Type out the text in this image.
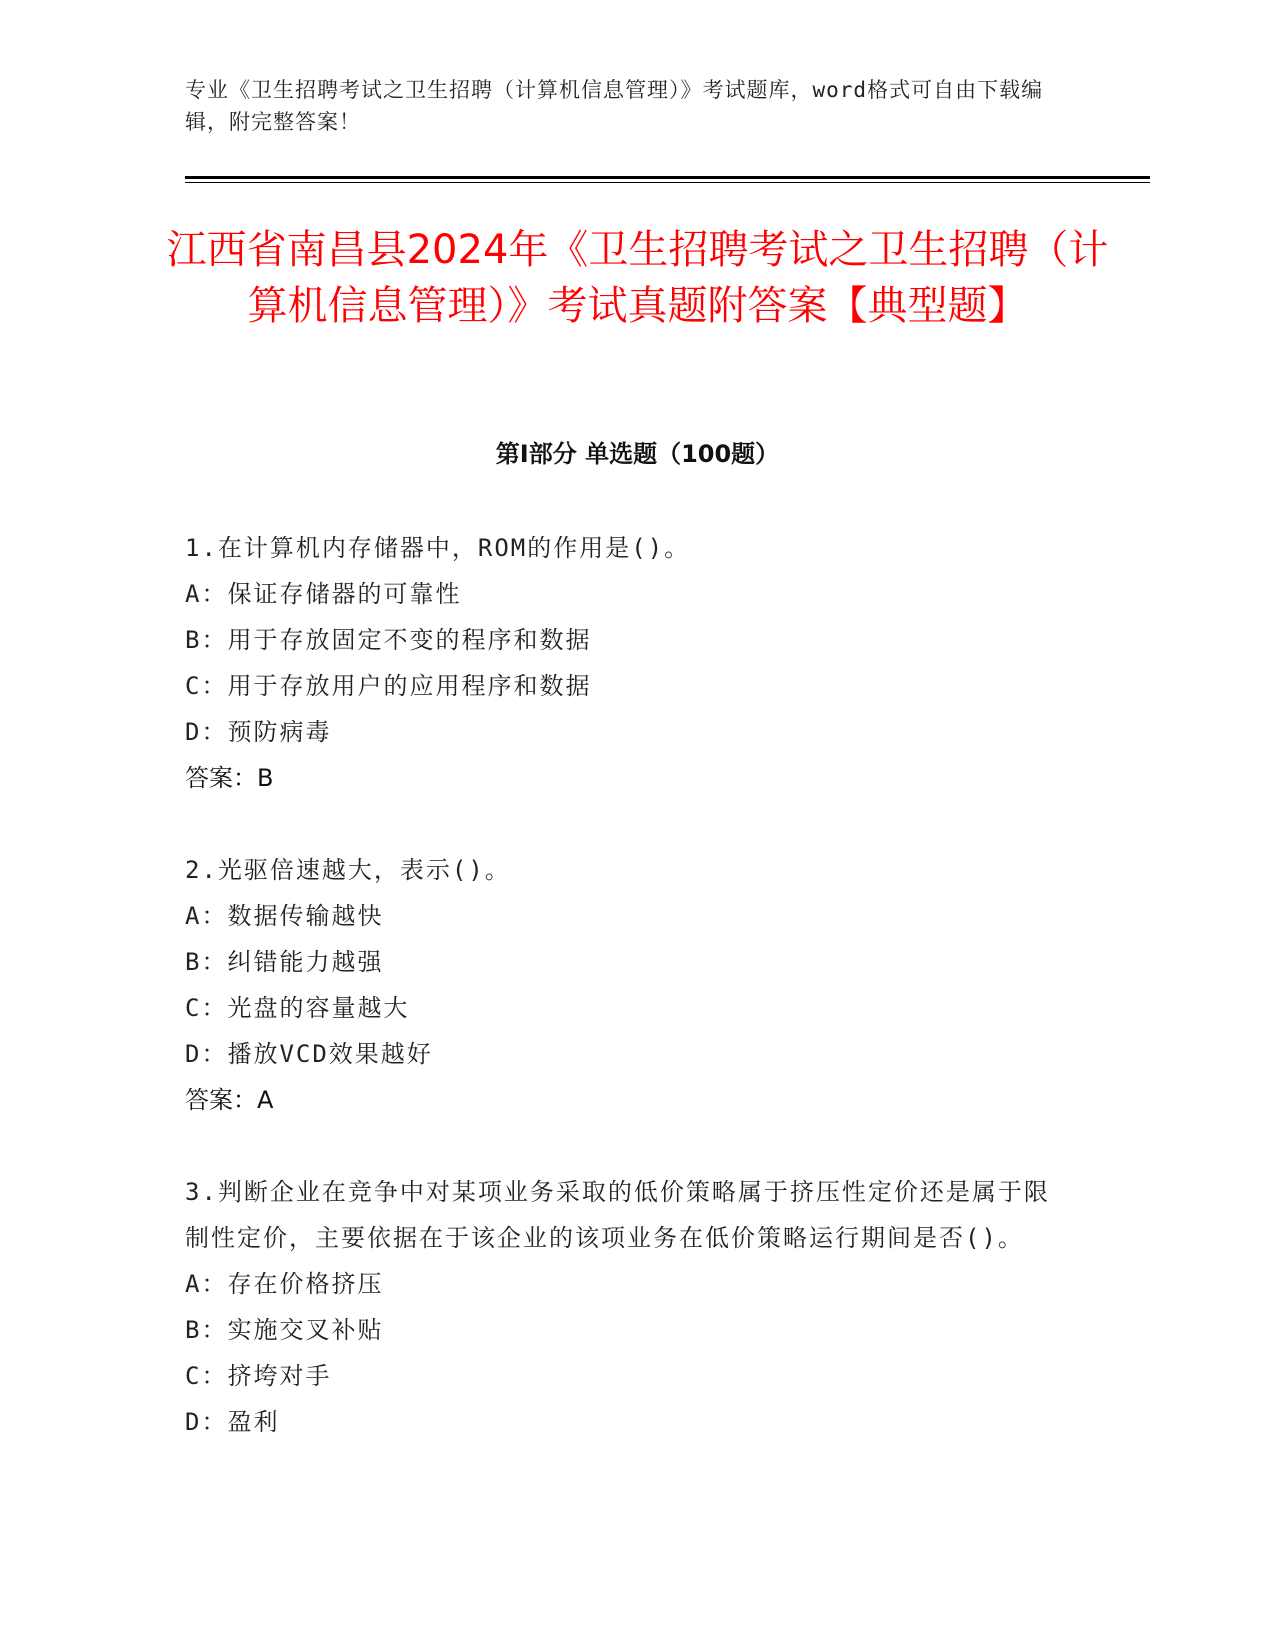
专业《卫生招聘考试之卫生招聘（计算机信息管理）》考试题库，word格式可自由下载编辑，附完整答案！
江西省南昌县2024年《卫生招聘考试之卫生招聘（计算机信息管理）》考试真题附答案【典型题】
第I部分 单选题（100题）
1.在计算机内存储器中，ROM的作用是()。
A：保证存储器的可靠性
B：用于存放固定不变的程序和数据
C：用于存放用户的应用程序和数据
D：预防病毒
答案：B
2.光驱倍速越大，表示()。
A：数据传输越快
B：纠错能力越强
C：光盘的容量越大
D：播放VCD效果越好
答案：A
3.判断企业在竞争中对某项业务采取的低价策略属于挤压性定价还是属于限制性定价，主要依据在于该企业的该项业务在低价策略运行期间是否()。
A：存在价格挤压
B：实施交叉补贴
C：挤垮对手
D：盈利
